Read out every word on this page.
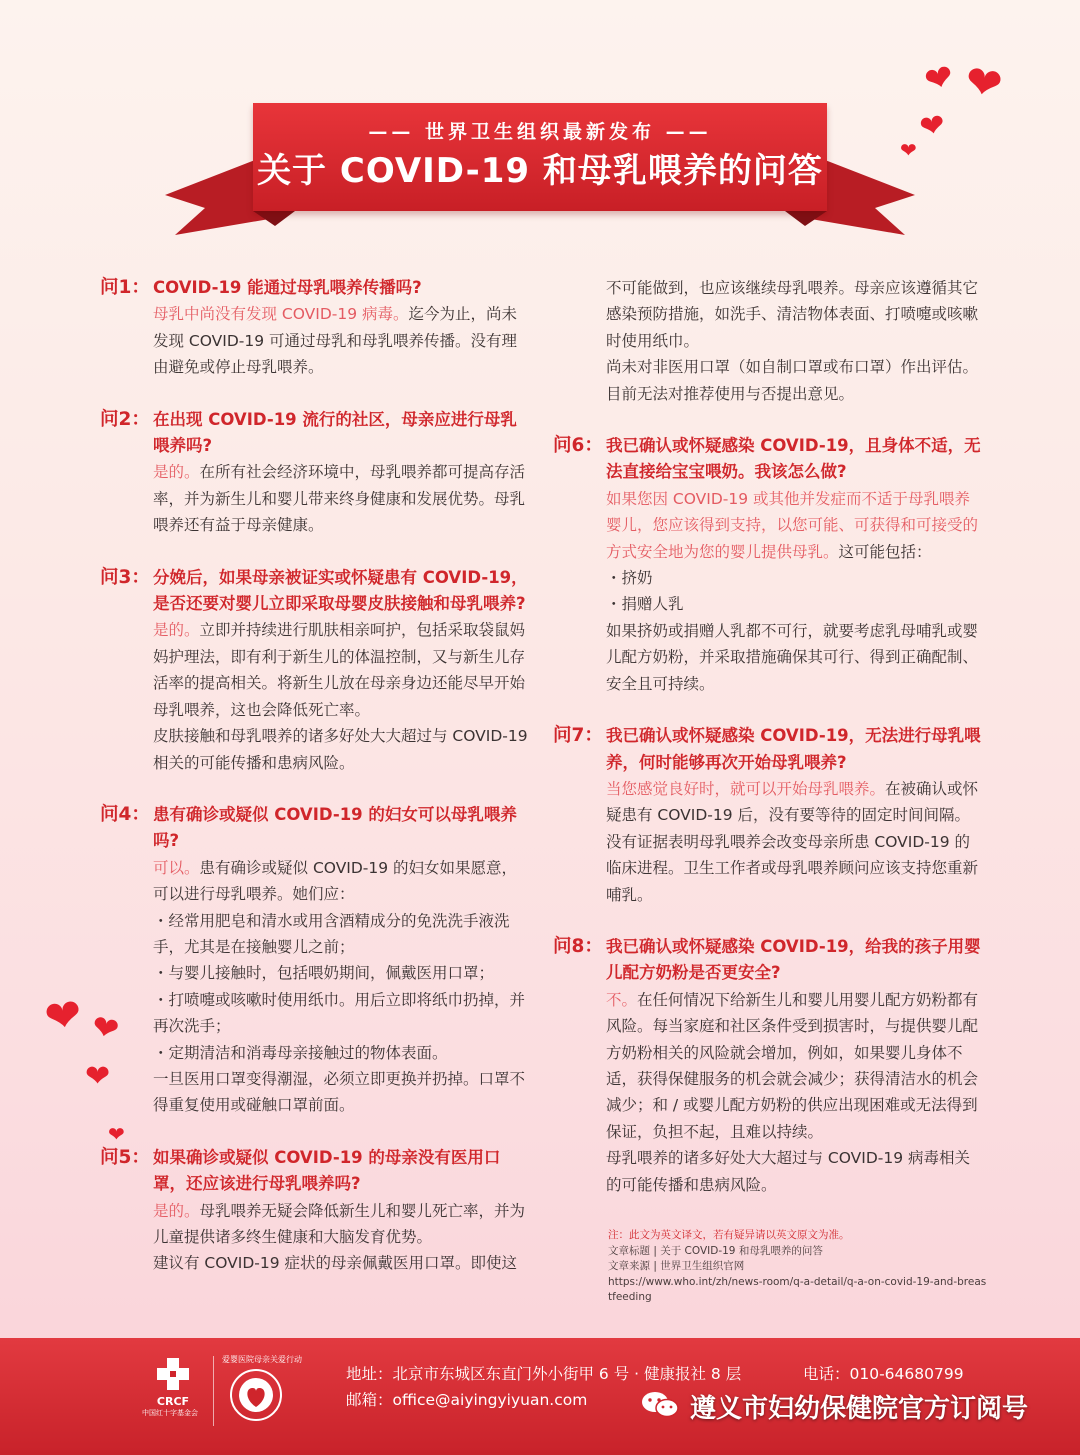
❤ ❤
❤
❤
❤ ❤
❤
❤
—— 世界卫生组织最新发布 ——
关于 COVID-19 和母乳喂养的问答
问1： COVID-19 能通过母乳喂养传播吗?

母乳中尚没有发现 COVID-19 病毒。迄今为止，尚未发现 COVID-19 可通过母乳和母乳喂养传播。没有理由避免或停止母乳喂养。

问2： 在出现 COVID-19 流行的社区，母亲应进行母乳喂养吗?

是的。在所有社会经济环境中，母乳喂养都可提高存活率，并为新生儿和婴儿带来终身健康和发展优势。母乳喂养还有益于母亲健康。

问3： 分娩后，如果母亲被证实或怀疑患有 COVID-19，是否还要对婴儿立即采取母婴皮肤接触和母乳喂养?

是的。立即并持续进行肌肤相亲呵护，包括采取袋鼠妈妈护理法，即有利于新生儿的体温控制，又与新生儿存活率的提高相关。将新生儿放在母亲身边还能尽早开始母乳喂养，这也会降低死亡率。

皮肤接触和母乳喂养的诸多好处大大超过与 COVID-19 相关的可能传播和患病风险。

问4： 患有确诊或疑似 COVID-19 的妇女可以母乳喂养吗?

可以。患有确诊或疑似 COVID-19 的妇女如果愿意，可以进行母乳喂养。她们应：

・经常用肥皂和清水或用含酒精成分的免洗洗手液洗手，尤其是在接触婴儿之前；

・与婴儿接触时，包括喂奶期间，佩戴医用口罩；

・打喷嚏或咳嗽时使用纸巾。用后立即将纸巾扔掉，并再次洗手；

・定期清洁和消毒母亲接触过的物体表面。

一旦医用口罩变得潮湿，必须立即更换并扔掉。口罩不得重复使用或碰触口罩前面。

问5： 如果确诊或疑似 COVID-19 的母亲没有医用口罩，还应该进行母乳喂养吗?

是的。母乳喂养无疑会降低新生儿和婴儿死亡率，并为儿童提供诸多终生健康和大脑发育优势。

建议有 COVID-19 症状的母亲佩戴医用口罩。即使这

不可能做到，也应该继续母乳喂养。母亲应该遵循其它感染预防措施，如洗手、清洁物体表面、打喷嚏或咳嗽时使用纸巾。

尚未对非医用口罩（如自制口罩或布口罩）作出评估。目前无法对推荐使用与否提出意见。

问6： 我已确认或怀疑感染 COVID-19，且身体不适，无法直接给宝宝喂奶。我该怎么做?

如果您因 COVID-19 或其他并发症而不适于母乳喂养婴儿，您应该得到支持，以您可能、可获得和可接受的方式安全地为您的婴儿提供母乳。这可能包括：

・挤奶

・捐赠人乳

如果挤奶或捐赠人乳都不可行，就要考虑乳母哺乳或婴儿配方奶粉，并采取措施确保其可行、得到正确配制、安全且可持续。

问7： 我已确认或怀疑感染 COVID-19，无法进行母乳喂养，何时能够再次开始母乳喂养?

当您感觉良好时，就可以开始母乳喂养。在被确认或怀疑患有 COVID-19 后，没有要等待的固定时间间隔。没有证据表明母乳喂养会改变母亲所患 COVID-19 的临床进程。卫生工作者或母乳喂养顾问应该支持您重新哺乳。

问8： 我已确认或怀疑感染 COVID-19，给我的孩子用婴儿配方奶粉是否更安全?

不。在任何情况下给新生儿和婴儿用婴儿配方奶粉都有风险。每当家庭和社区条件受到损害时，与提供婴儿配方奶粉相关的风险就会增加，例如，如果婴儿身体不适，获得保健服务的机会就会减少；获得清洁水的机会减少；和 / 或婴儿配方奶粉的供应出现困难或无法得到保证，负担不起，且难以持续。

母乳喂养的诸多好处大大超过与 COVID-19 病毒相关的可能传播和患病风险。

注：此文为英文译文，若有疑异请以英文原文为准。
文章标题 | 关于 COVID-19 和母乳喂养的问答
文章来源 | 世界卫生组织官网
https://www.who.int/zh/news-room/q-a-detail/q-a-on-covid-19-and-breastfeeding
CRCF
中国红十字基金会
爱婴医院母亲关爱行动
地址：北京市东城区东直门外小街甲 6 号 · 健康报社 8 层	电话：010-64680799
邮箱：office@aiyingyiyuan.com	遵义市妇幼保健院官方订阅号
